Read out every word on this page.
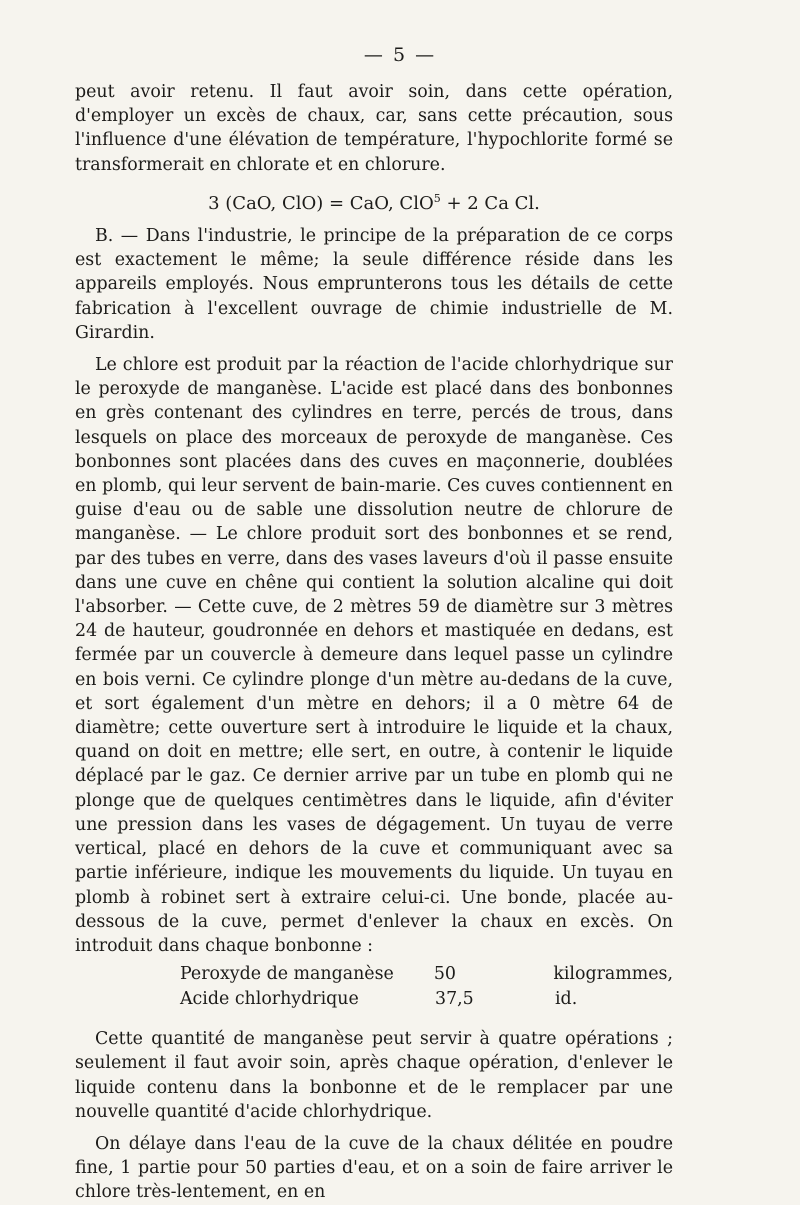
— 5 —

peut avoir retenu. Il faut avoir soin, dans cette opération, d'employer un excès de chaux, car, sans cette précaution, sous l'influence d'une élévation de température, l'hypochlorite formé se transformerait en chlorate et en chlorure.

3 (CaO, ClO) = CaO, ClO$^5$ + 2 Ca Cl.

B. — Dans l'industrie, le principe de la préparation de ce corps est exactement le même; la seule différence réside dans les appareils employés. Nous emprunterons tous les détails de cette fabrication à l'excellent ouvrage de chimie industrielle de M. Girardin.

Le chlore est produit par la réaction de l'acide chlorhydrique sur le peroxyde de manganèse. L'acide est placé dans des bonbonnes en grès contenant des cylindres en terre, percés de trous, dans lesquels on place des morceaux de peroxyde de manganèse. Ces bonbonnes sont placées dans des cuves en maçonnerie, doublées en plomb, qui leur servent de bain-marie. Ces cuves contiennent en guise d'eau ou de sable une dissolution neutre de chlorure de manganèse. — Le chlore produit sort des bonbonnes et se rend, par des tubes en verre, dans des vases laveurs d'où il passe ensuite dans une cuve en chêne qui contient la solution alcaline qui doit l'absorber. — Cette cuve, de 2 mètres 59 de diamètre sur 3 mètres 24 de hauteur, goudronnée en dehors et mastiquée en dedans, est fermée par un couvercle à demeure dans lequel passe un cylindre en bois verni. Ce cylindre plonge d'un mètre au-dedans de la cuve, et sort également d'un mètre en dehors; il a 0 mètre 64 de diamètre; cette ouverture sert à introduire le liquide et la chaux, quand on doit en mettre; elle sert, en outre, à contenir le liquide déplacé par le gaz. Ce dernier arrive par un tube en plomb qui ne plonge que de quelques centimètres dans le liquide, afin d'éviter une pression dans les vases de dégagement. Un tuyau de verre vertical, placé en dehors de la cuve et communiquant avec sa partie inférieure, indique les mouvements du liquide. Un tuyau en plomb à robinet sert à extraire celui-ci. Une bonde, placée au-dessous de la cuve, permet d'enlever la chaux en excès. On introduit dans chaque bonbonne :

Peroxyde de manganèse	50	kilogrammes,
Acide chlorhydrique	37,5	id.

Cette quantité de manganèse peut servir à quatre opérations ; seulement il faut avoir soin, après chaque opération, d'enlever le liquide contenu dans la bonbonne et de le remplacer par une nouvelle quantité d'acide chlorhydrique.

On délaye dans l'eau de la cuve de la chaux délitée en poudre fine, 1 partie pour 50 parties d'eau, et on a soin de faire arriver le chlore très-lentement, en en
